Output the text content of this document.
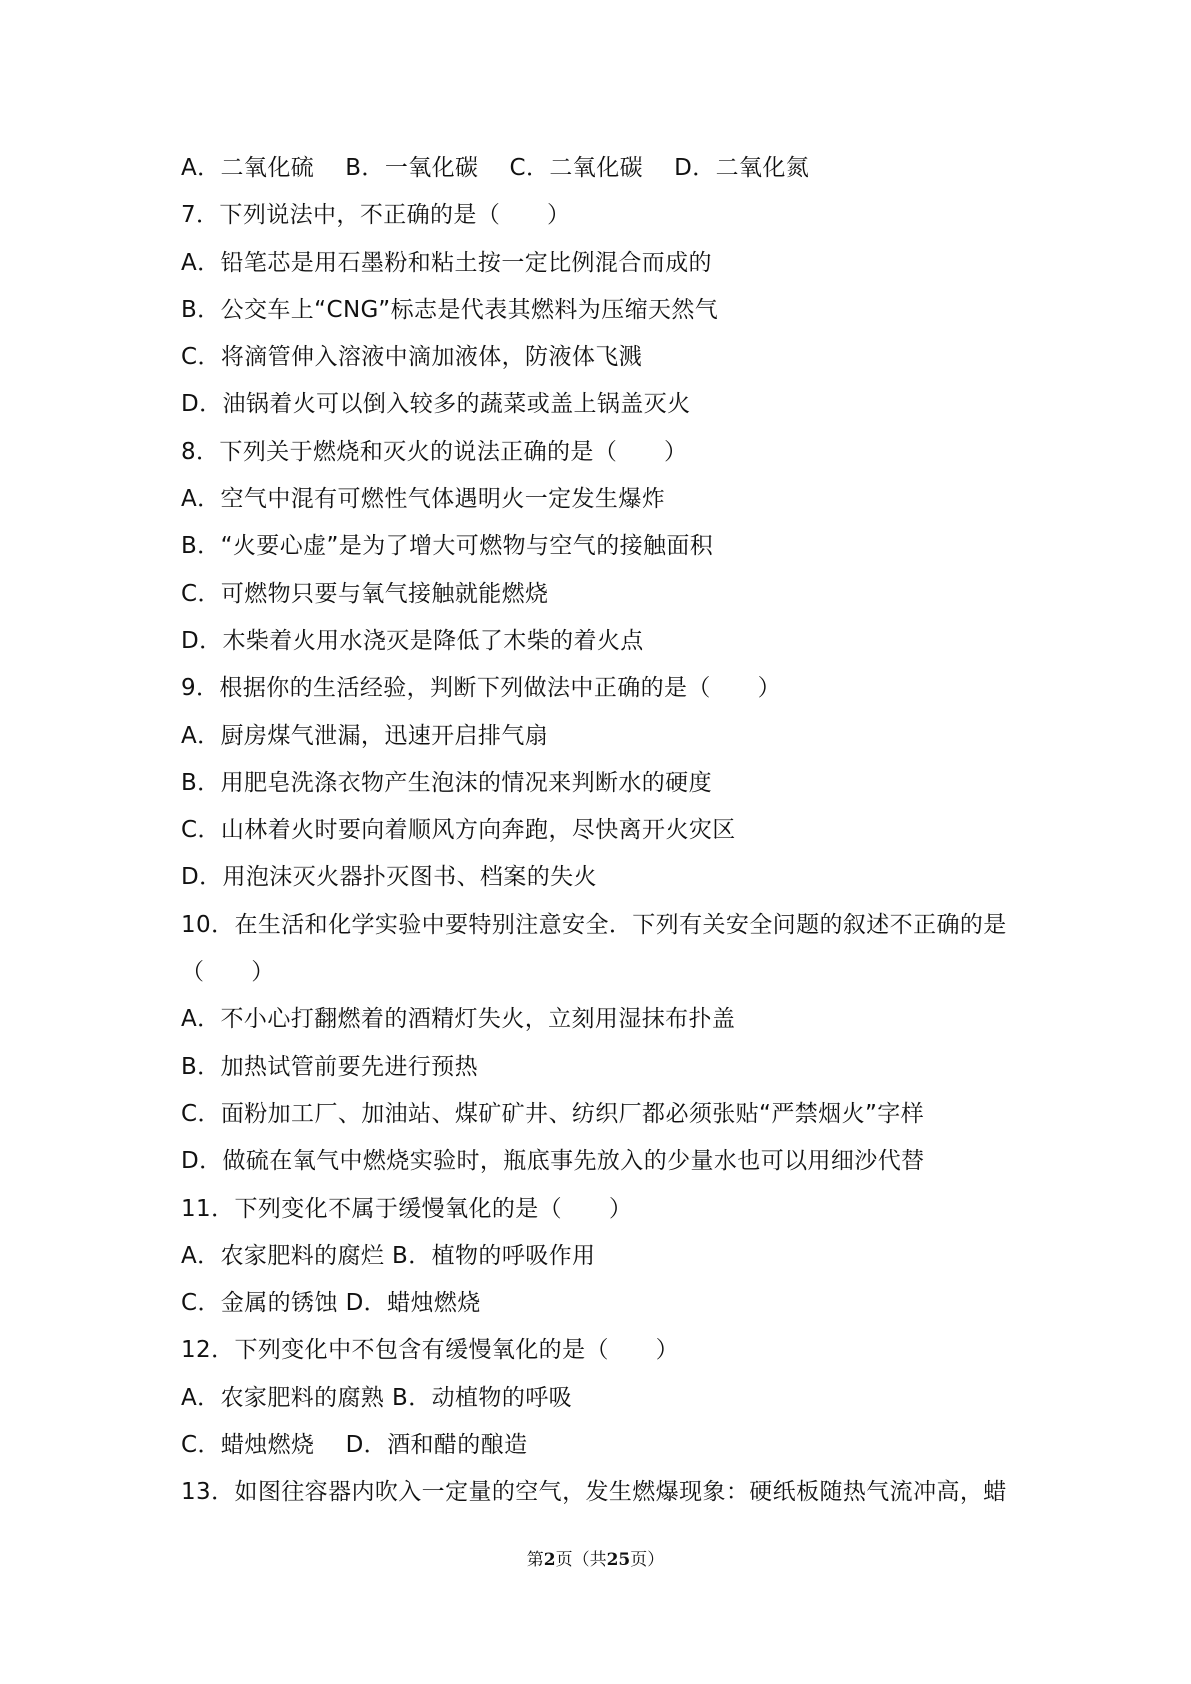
A．二氧化硫　 B．一氧化碳　 C．二氧化碳　 D．二氧化氮
7．下列说法中，不正确的是（　　）
A．铅笔芯是用石墨粉和粘土按一定比例混合而成的
B．公交车上“CNG”标志是代表其燃料为压缩天然气
C．将滴管伸入溶液中滴加液体，防液体飞溅
D．油锅着火可以倒入较多的蔬菜或盖上锅盖灭火
8．下列关于燃烧和灭火的说法正确的是（　　）
A．空气中混有可燃性气体遇明火一定发生爆炸
B．“火要心虚”是为了增大可燃物与空气的接触面积
C．可燃物只要与氧气接触就能燃烧
D．木柴着火用水浇灭是降低了木柴的着火点
9．根据你的生活经验，判断下列做法中正确的是（　　）
A．厨房煤气泄漏，迅速开启排气扇
B．用肥皂洗涤衣物产生泡沫的情况来判断水的硬度
C．山林着火时要向着顺风方向奔跑，尽快离开火灾区
D．用泡沫灭火器扑灭图书、档案的失火
10．在生活和化学实验中要特别注意安全．下列有关安全问题的叙述不正确的是
（　　）
A．不小心打翻燃着的酒精灯失火，立刻用湿抹布扑盖
B．加热试管前要先进行预热
C．面粉加工厂、加油站、煤矿矿井、纺织厂都必须张贴“严禁烟火”字样
D．做硫在氧气中燃烧实验时，瓶底事先放入的少量水也可以用细沙代替
11．下列变化不属于缓慢氧化的是（　　）
A．农家肥料的腐烂 B．植物的呼吸作用
C．金属的锈蚀 D．蜡烛燃烧
12．下列变化中不包含有缓慢氧化的是（　　）
A．农家肥料的腐熟 B．动植物的呼吸
C．蜡烛燃烧　 D．酒和醋的酿造
13．如图往容器内吹入一定量的空气，发生燃爆现象：硬纸板随热气流冲高，蜡
第2页（共25页）
